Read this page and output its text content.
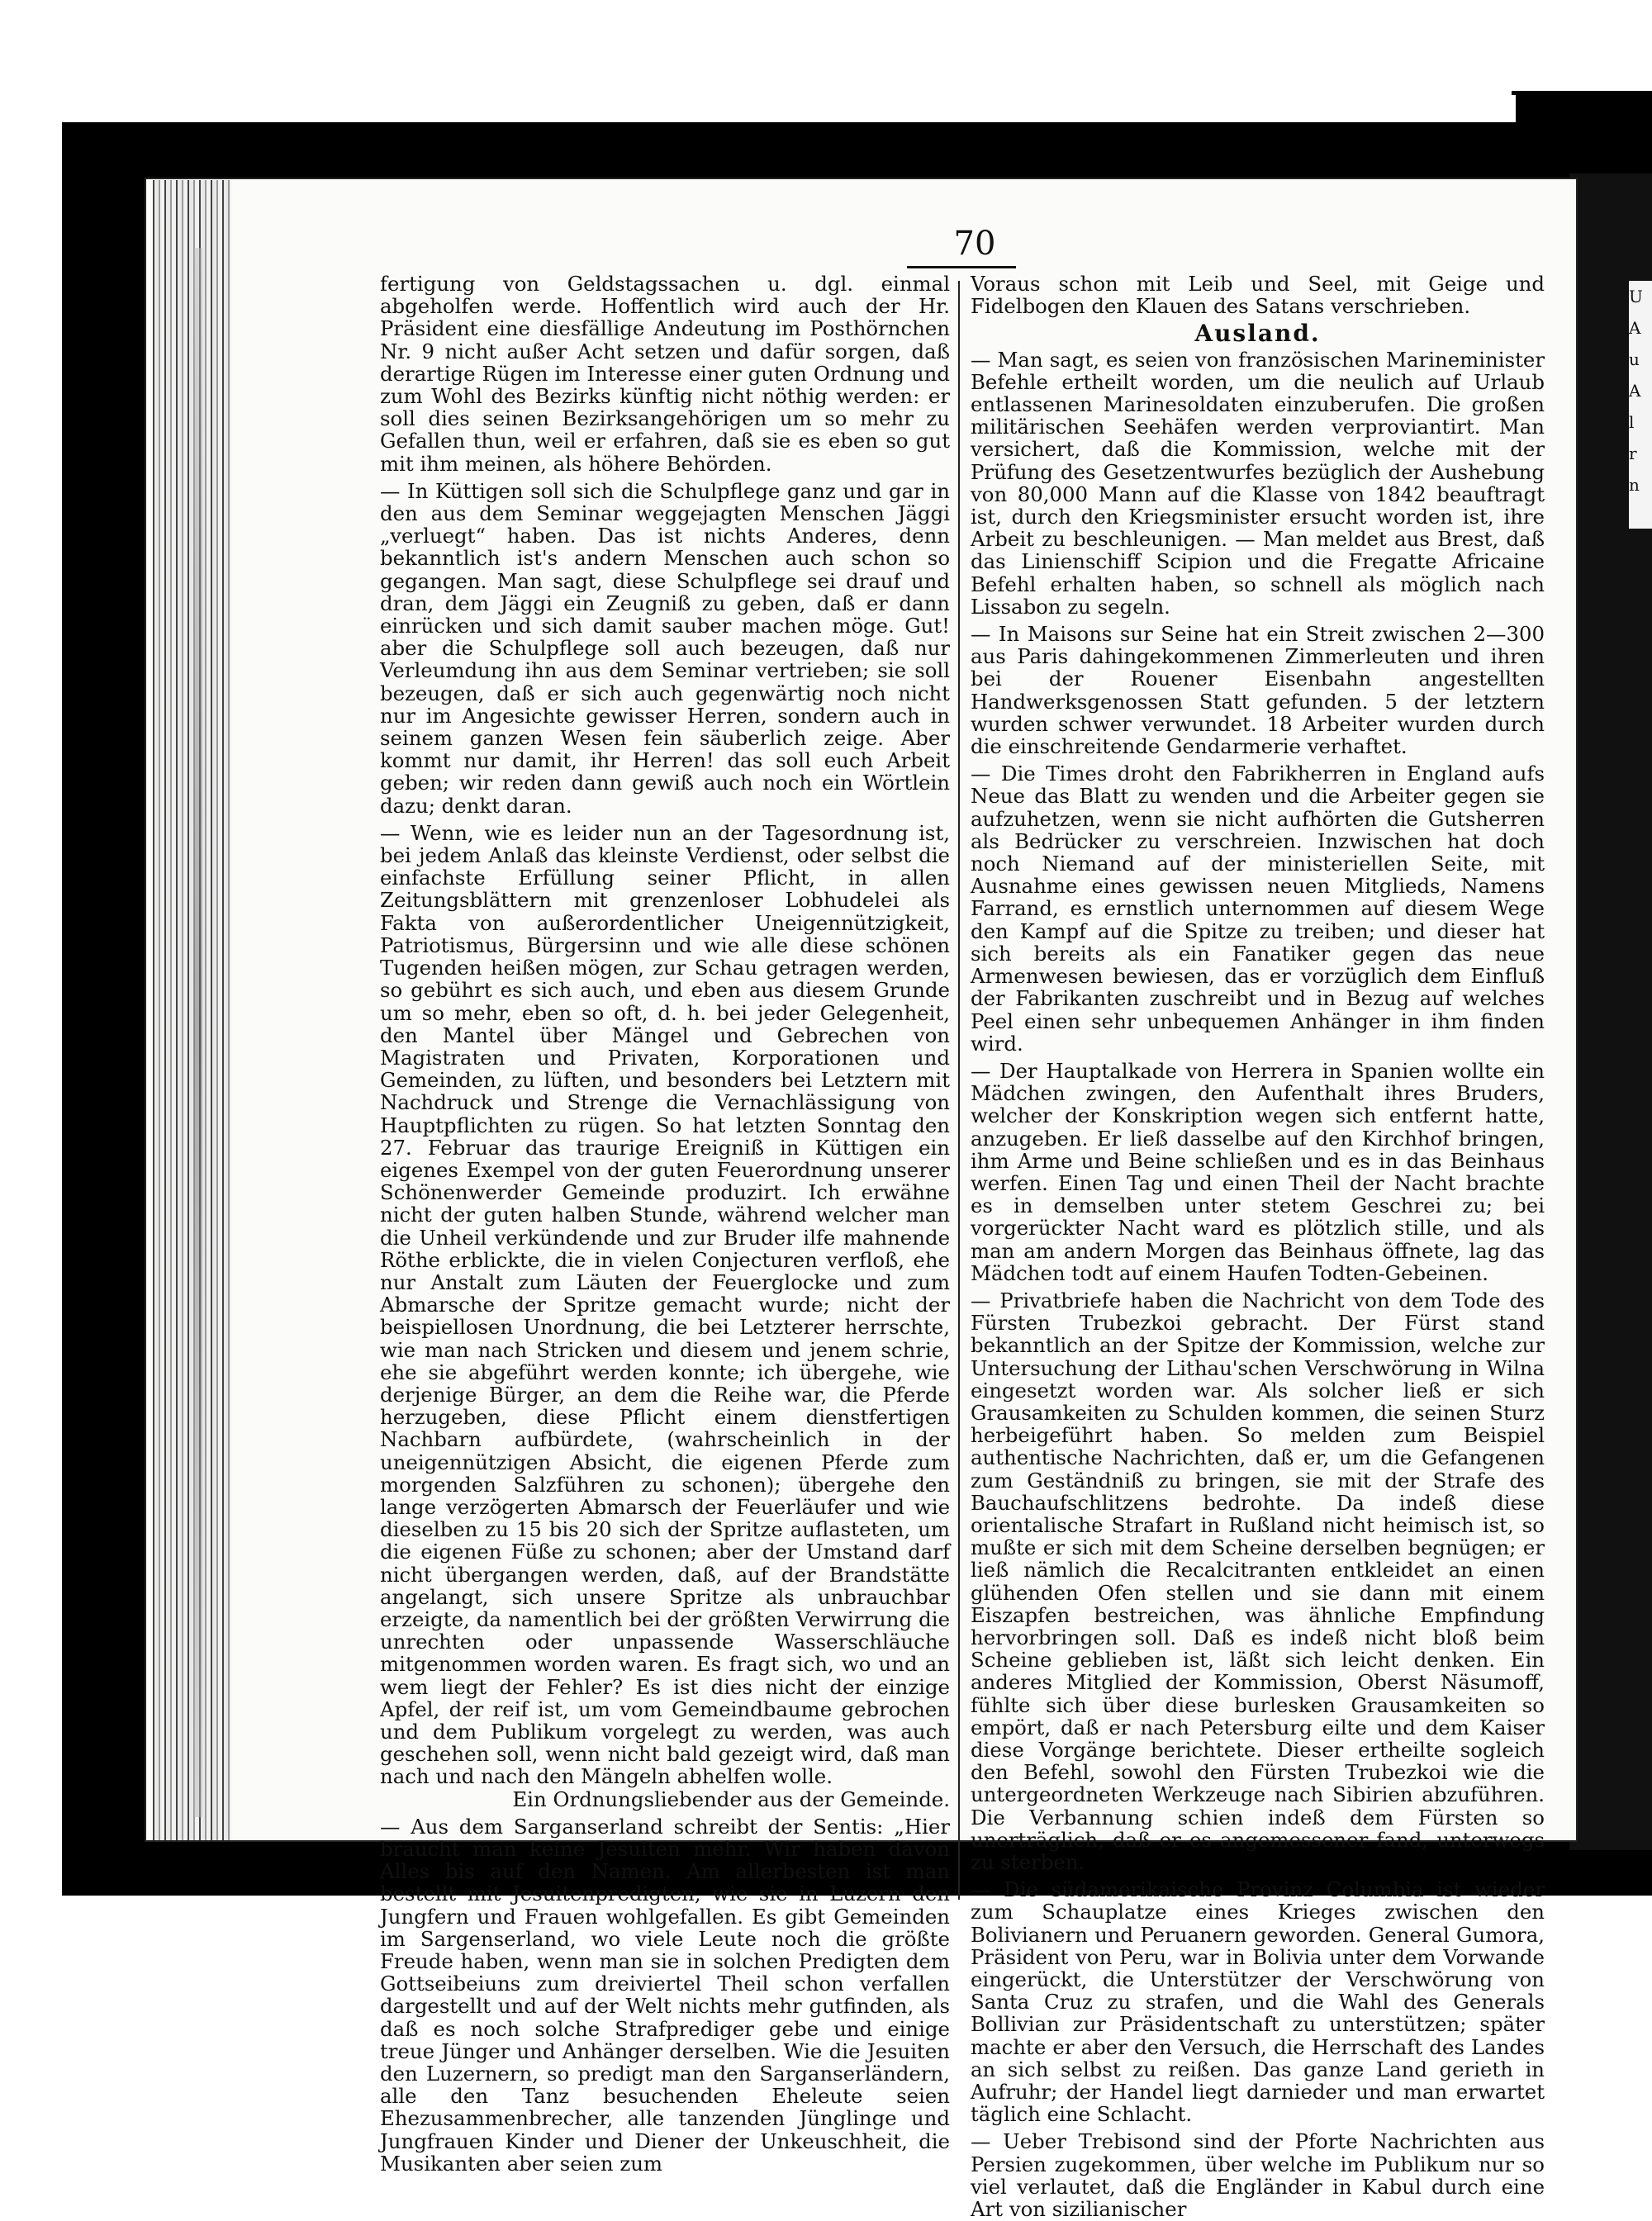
U
A
u
A
l
r
n
70

fertigung von Geldstagssachen u. dgl. einmal abgeholfen werde. Hoffentlich wird auch der Hr. Präsident eine diesfällige Andeutung im Posthörnchen Nr. 9 nicht außer Acht setzen und dafür sorgen, daß derartige Rügen im Interesse einer guten Ordnung und zum Wohl des Bezirks künftig nicht nöthig werden: er soll dies seinen Bezirksangehörigen um so mehr zu Gefallen thun, weil er erfahren, daß sie es eben so gut mit ihm meinen, als höhere Behörden.

— In Küttigen soll sich die Schulpflege ganz und gar in den aus dem Seminar weggejagten Menschen Jäggi „verluegt“ haben. Das ist nichts Anderes, denn bekanntlich ist's andern Menschen auch schon so gegangen. Man sagt, diese Schulpflege sei drauf und dran, dem Jäggi ein Zeugniß zu geben, daß er dann einrücken und sich damit sauber machen möge. Gut! aber die Schulpflege soll auch bezeugen, daß nur Verleumdung ihn aus dem Seminar vertrieben; sie soll bezeugen, daß er sich auch gegenwärtig noch nicht nur im Angesichte gewisser Herren, sondern auch in seinem ganzen Wesen fein säuberlich zeige. Aber kommt nur damit, ihr Herren! das soll euch Arbeit geben; wir reden dann gewiß auch noch ein Wörtlein dazu; denkt daran.

— Wenn, wie es leider nun an der Tagesordnung ist, bei jedem Anlaß das kleinste Verdienst, oder selbst die einfachste Erfüllung seiner Pflicht, in allen Zeitungsblättern mit grenzenloser Lobhudelei als Fakta von außerordentlicher Uneigennützigkeit, Patriotismus, Bürgersinn und wie alle diese schönen Tugenden heißen mögen, zur Schau getragen werden, so gebührt es sich auch, und eben aus diesem Grunde um so mehr, eben so oft, d. h. bei jeder Gelegenheit, den Mantel über Mängel und Gebrechen von Magistraten und Privaten, Korporationen und Gemeinden, zu lüften, und besonders bei Letztern mit Nachdruck und Strenge die Vernachlässigung von Hauptpflichten zu rügen. So hat letzten Sonntag den 27. Februar das traurige Ereigniß in Küttigen ein eigenes Exempel von der guten Feuerordnung unserer Schönenwerder Gemeinde produzirt. Ich erwähne nicht der guten halben Stunde, während welcher man die Unheil verkündende und zur Bruder ilfe mahnende Röthe erblickte, die in vielen Conjecturen verfloß, ehe nur Anstalt zum Läuten der Feuerglocke und zum Abmarsche der Spritze gemacht wurde; nicht der beispiellosen Unordnung, die bei Letzterer herrschte, wie man nach Stricken und diesem und jenem schrie, ehe sie abgeführt werden konnte; ich übergehe, wie derjenige Bürger, an dem die Reihe war, die Pferde herzugeben, diese Pflicht einem dienstfertigen Nachbarn aufbürdete, (wahrscheinlich in der uneigennützigen Absicht, die eigenen Pferde zum morgenden Salzführen zu schonen); übergehe den lange verzögerten Abmarsch der Feuerläufer und wie dieselben zu 15 bis 20 sich der Spritze auflasteten, um die eigenen Füße zu schonen; aber der Umstand darf nicht übergangen werden, daß, auf der Brandstätte angelangt, sich unsere Spritze als unbrauchbar erzeigte, da namentlich bei der größten Verwirrung die unrechten oder unpassende Wasserschläuche mitgenommen worden waren. Es fragt sich, wo und an wem liegt der Fehler? Es ist dies nicht der einzige Apfel, der reif ist, um vom Gemeindbaume gebrochen und dem Publikum vorgelegt zu werden, was auch geschehen soll, wenn nicht bald gezeigt wird, daß man nach und nach den Mängeln abhelfen wolle.

Ein Ordnungsliebender aus der Gemeinde.

— Aus dem Sarganserland schreibt der Sentis: „Hier braucht man keine Jesuiten mehr. Wir haben davon Alles bis auf den Namen. Am allerbesten ist man bestellt mit Jesuitenpredigten, wie sie in Luzern den Jungfern und Frauen wohlgefallen. Es gibt Gemeinden im Sargenserland, wo viele Leute noch die größte Freude haben, wenn man sie in solchen Predigten dem Gottseibeiuns zum dreiviertel Theil schon verfallen dargestellt und auf der Welt nichts mehr gutfinden, als daß es noch solche Strafprediger gebe und einige treue Jünger und Anhänger derselben. Wie die Jesuiten den Luzernern, so predigt man den Sarganserländern, alle den Tanz besuchenden Eheleute seien Ehezusammenbrecher, alle tanzenden Jünglinge und Jungfrauen Kinder und Diener der Unkeuschheit, die Musikanten aber seien zum

Voraus schon mit Leib und Seel, mit Geige und Fidelbogen den Klauen des Satans verschrieben.

Ausland.

— Man sagt, es seien von französischen Marineminister Befehle ertheilt worden, um die neulich auf Urlaub entlassenen Marinesoldaten einzuberufen. Die großen militärischen Seehäfen werden verproviantirt. Man versichert, daß die Kommission, welche mit der Prüfung des Gesetzentwurfes bezüglich der Aushebung von 80,000 Mann auf die Klasse von 1842 beauftragt ist, durch den Kriegsminister ersucht worden ist, ihre Arbeit zu beschleunigen. — Man meldet aus Brest, daß das Linienschiff Scipion und die Fregatte Africaine Befehl erhalten haben, so schnell als möglich nach Lissabon zu segeln.

— In Maisons sur Seine hat ein Streit zwischen 2—300 aus Paris dahingekommenen Zimmerleuten und ihren bei der Rouener Eisenbahn angestellten Handwerksgenossen Statt gefunden. 5 der letztern wurden schwer verwundet. 18 Arbeiter wurden durch die einschreitende Gendarmerie verhaftet.

— Die Times droht den Fabrikherren in England aufs Neue das Blatt zu wenden und die Arbeiter gegen sie aufzuhetzen, wenn sie nicht aufhörten die Gutsherren als Bedrücker zu verschreien. Inzwischen hat doch noch Niemand auf der ministeriellen Seite, mit Ausnahme eines gewissen neuen Mitglieds, Namens Farrand, es ernstlich unternommen auf diesem Wege den Kampf auf die Spitze zu treiben; und dieser hat sich bereits als ein Fanatiker gegen das neue Armenwesen bewiesen, das er vorzüglich dem Einfluß der Fabrikanten zuschreibt und in Bezug auf welches Peel einen sehr unbequemen Anhänger in ihm finden wird.

— Der Hauptalkade von Herrera in Spanien wollte ein Mädchen zwingen, den Aufenthalt ihres Bruders, welcher der Konskription wegen sich entfernt hatte, anzugeben. Er ließ dasselbe auf den Kirchhof bringen, ihm Arme und Beine schließen und es in das Beinhaus werfen. Einen Tag und einen Theil der Nacht brachte es in demselben unter stetem Geschrei zu; bei vorgerückter Nacht ward es plötzlich stille, und als man am andern Morgen das Beinhaus öffnete, lag das Mädchen todt auf einem Haufen Todten-Gebeinen.

— Privatbriefe haben die Nachricht von dem Tode des Fürsten Trubezkoi gebracht. Der Fürst stand bekanntlich an der Spitze der Kommission, welche zur Untersuchung der Lithau'schen Verschwörung in Wilna eingesetzt worden war. Als solcher ließ er sich Grausamkeiten zu Schulden kommen, die seinen Sturz herbeigeführt haben. So melden zum Beispiel authentische Nachrichten, daß er, um die Gefangenen zum Geständniß zu bringen, sie mit der Strafe des Bauchaufschlitzens bedrohte. Da indeß diese orientalische Strafart in Rußland nicht heimisch ist, so mußte er sich mit dem Scheine derselben begnügen; er ließ nämlich die Recalcitranten entkleidet an einen glühenden Ofen stellen und sie dann mit einem Eiszapfen bestreichen, was ähnliche Empfindung hervorbringen soll. Daß es indeß nicht bloß beim Scheine geblieben ist, läßt sich leicht denken. Ein anderes Mitglied der Kommission, Oberst Näsumoff, fühlte sich über diese burlesken Grausamkeiten so empört, daß er nach Petersburg eilte und dem Kaiser diese Vorgänge berichtete. Dieser ertheilte sogleich den Befehl, sowohl den Fürsten Trubezkoi wie die untergeordneten Werkzeuge nach Sibirien abzuführen. Die Verbannung schien indeß dem Fürsten so unerträglich, daß er es angemessener fand, unterwegs zu sterben.

— Die südamerikaische Provinz Columbia ist wieder zum Schauplatze eines Krieges zwischen den Bolivianern und Peruanern geworden. General Gumora, Präsident von Peru, war in Bolivia unter dem Vorwande eingerückt, die Unterstützer der Verschwörung von Santa Cruz zu strafen, und die Wahl des Generals Bollivian zur Präsidentschaft zu unterstützen; später machte er aber den Versuch, die Herrschaft des Landes an sich selbst zu reißen. Das ganze Land gerieth in Aufruhr; der Handel liegt darnieder und man erwartet täglich eine Schlacht.

— Ueber Trebisond sind der Pforte Nachrichten aus Persien zugekommen, über welche im Publikum nur so viel verlautet, daß die Engländer in Kabul durch eine Art von sizilianischer
